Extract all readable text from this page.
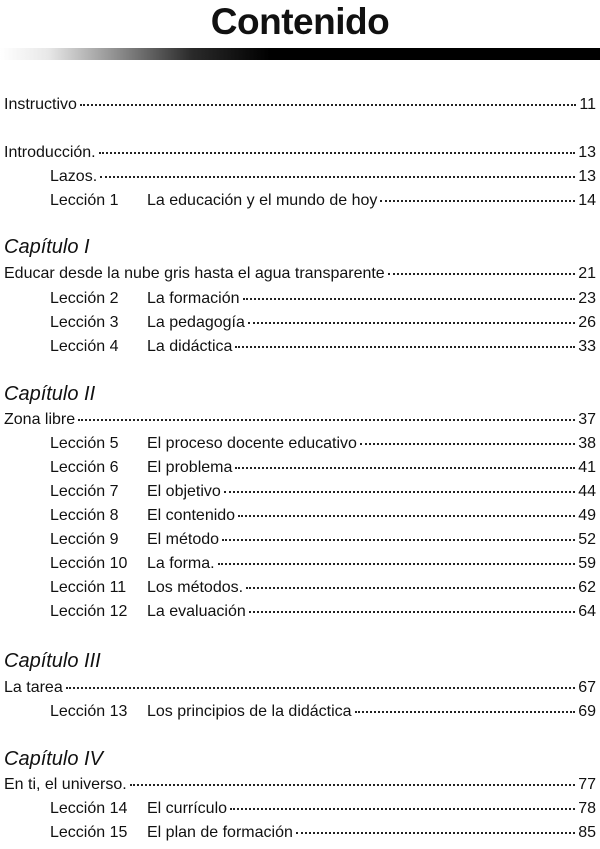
Contenido
Instructivo	11
Introducción.	13
Lazos.	13
Lección 1	La educación y el mundo de hoy	14
Capítulo I
Educar desde la nube gris hasta el agua transparente	21
Lección 2	La formación	23
Lección 3	La pedagogía	26
Lección 4	La didáctica	33
Capítulo II
Zona libre	37
Lección 5	El proceso docente educativo	38
Lección 6	El problema	41
Lección 7	El objetivo	44
Lección 8	El contenido	49
Lección 9	El método	52
Lección 10	La forma.	59
Lección 11	Los métodos.	62
Lección 12	La evaluación	64
Capítulo III
La tarea	67
Lección 13	Los principios de la didáctica	69
Capítulo IV
En ti, el universo.	77
Lección 14	El currículo	78
Lección 15	El plan de formación	85
